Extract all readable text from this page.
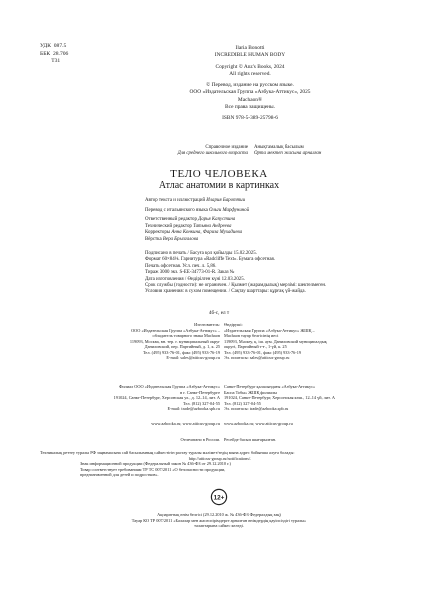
УДК  087.5
ББК  28.706
Т31
Ilaria Bonotti
INCREDIBLE HUMAN BODY
Copyright © Anz's Books, 2024
All rights reserved.
© Перевод, издание на русском языке.
ООО «Издательская Группа «Азбука-Аттикус», 2025
Machaon®
Все права защищены.
ISBN 978-5-389-25798-6
Справочное издание
Для среднего школьного возраста
Анықтамалық басылым
Орта мектеп жасына арналған
ТЕЛО ЧЕЛОВЕКА
Атлас анатомии в картинках
Автор текста и иллюстраций Илария Бароттии
Перевод с итальянского языка Ольги Марфуниной
Ответственный редактор Дарья Капустина
Технический редактор Татьяна Андреева
Корректоры Анна Конкина, Фариза Мухадиева
Вёрстка Вера Брызгалова
Подписано в печать / Басуға қол қойылды 15.02.2025.
Формат 60×84⅛. Гарнитура «Radcliffe Text». Бумага офсетная.
Печать офсетная. Усл. печ. л. 5,86.
Тираж 3000 экз. S-EE-34773-01-R. Заказ №
Дата изготовления / Өндірілген күні 12.03.2025.
Срок службы (годности): не ограничен. / Қызмет (жарамдылық) мерзімі: шектелмеген.
Условия хранения: в сухом помещении. / Сақтау шарттары: құрғақ үй-жайда.
4б-с, ел т
Изготовитель:
ООО «Издательская Группа «Азбука-Аттикус» –
обладатель товарного знака Machaon
119093, Москва, вн. тер. г. муниципальный округ
Даниловский, пер. Партийный, д. 1, к. 25
Тел. (495) 933-76-01, факс (495) 933-76-19
E-mail: sales@atticus-group.ru
Өндіруші:
«Издательская Группа «Азбука-Аттикус» ЖШҚ –
Machaon тауар белгісінің иесі
119093, Мәскеу, қ. іш. аум. Даниловский муниципалдық
округі, Партийный т-ғ., 1-үй, к. 25
Тел. (495) 933-76-01, факс (495) 933-76-19
Эл. поштасы: sales@atticus-group.ru
Филиал ООО «Издательская Группа «Азбука-Аттикус»
в г. Санкт-Петербурге
191024, Санкт-Петербург, Херсонская ул., д. 12–14, лит. А
Тел. (812) 327-04-55
E-mail: trade@azbooka.spb.ru
Санкт-Петербург қаласындағы «Азбука-Аттикус»
Баспа Тобы» ЖШҚ филиалы
191024, Санкт-Петербург, Херсонская көш., 12–14 үй, лит. А
Тел. (812) 327-04-55
Эл. поштасы: trade@azbooka.spb.ru
www.azbooka.ru; www.atticus-group.ru www.azbooka.ru; www.atticus-group.ru
Отпечатано в России. Ресейде басып шығарылған.
Техникалық реттеу туралы РФ заңнамасына сай басылымның сәйкестігін растау туралы мәлімет/тедің мына адрес бойынша алуға болады:
http://atticus-group.ru/notifications/.
Знак информационной продукции (Федеральный закон № 436-ФЗ от 29.12.2010 г.)
Товар соответствует требованиям ТР ТС 007/2011 «О безопасности продукции,
предназначенной для детей и подростков».
12+
Ақпараттық өнім белгісі (29.12.2010 ж. № 436-ФЗ Федералдық заң)
Тауар КО ТР 007/2011 «Балалар мен жасөспірімдерге арналған өнімдердің қауіпсіздігі туралы»
талаптарына сәйкес келеді.
